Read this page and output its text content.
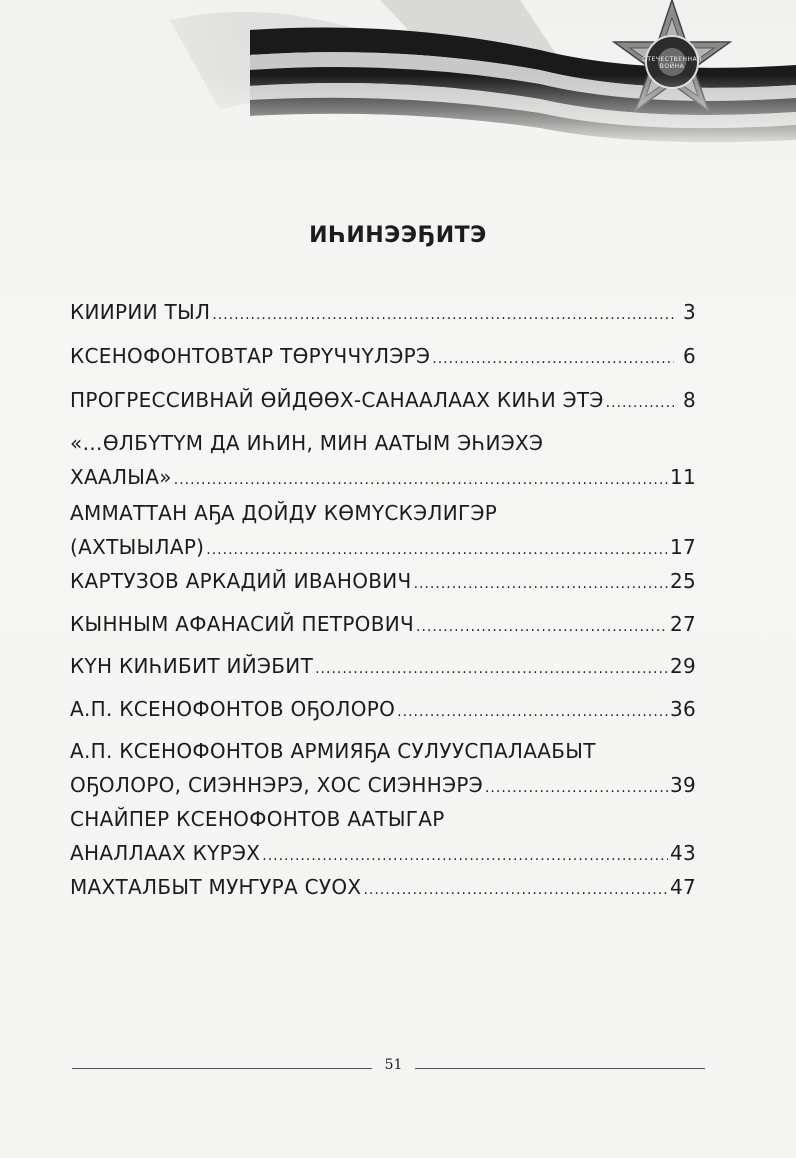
ОТЕЧЕСТВЕННАЯ ВОЙНА
ИҺИНЭЭҔИТЭ
КИИРИИ ТЫЛ .....	3
КСЕНОФОНТОВТАР ТӨРҮЧЧҮЛЭРЭ .....	6
ПРОГРЕССИВНАЙ ӨЙДӨӨХ-САНААЛААХ КИҺИ ЭТЭ .....	8
«…ӨЛБҮТҮМ ДА ИҺИН, МИН ААТЫМ ЭҺИЭХЭ
ХААЛЫА» .....	11
АММАТТАН АҔА ДОЙДУ КӨМҮСКЭЛИГЭР
(АХТЫЫЛАР) .....	17
КАРТУЗОВ АРКАДИЙ ИВАНОВИЧ .....	25
КЫННЫМ АФАНАСИЙ ПЕТРОВИЧ .....	27
КҮН КИҺИБИТ ИЙЭБИТ .....	29
А.П. КСЕНОФОНТОВ ОҔОЛОРО .....	36
А.П. КСЕНОФОНТОВ АРМИЯҔА СУЛУУСПАЛААБЫТ
ОҔОЛОРО, СИЭННЭРЭ, ХОС СИЭННЭРЭ .....	39
СНАЙПЕР КСЕНОФОНТОВ ААТЫГАР
АНАЛЛААХ КҮРЭХ .....	43
МАХТАЛБЫТ МУҤУРА СУОХ .....	47
51
